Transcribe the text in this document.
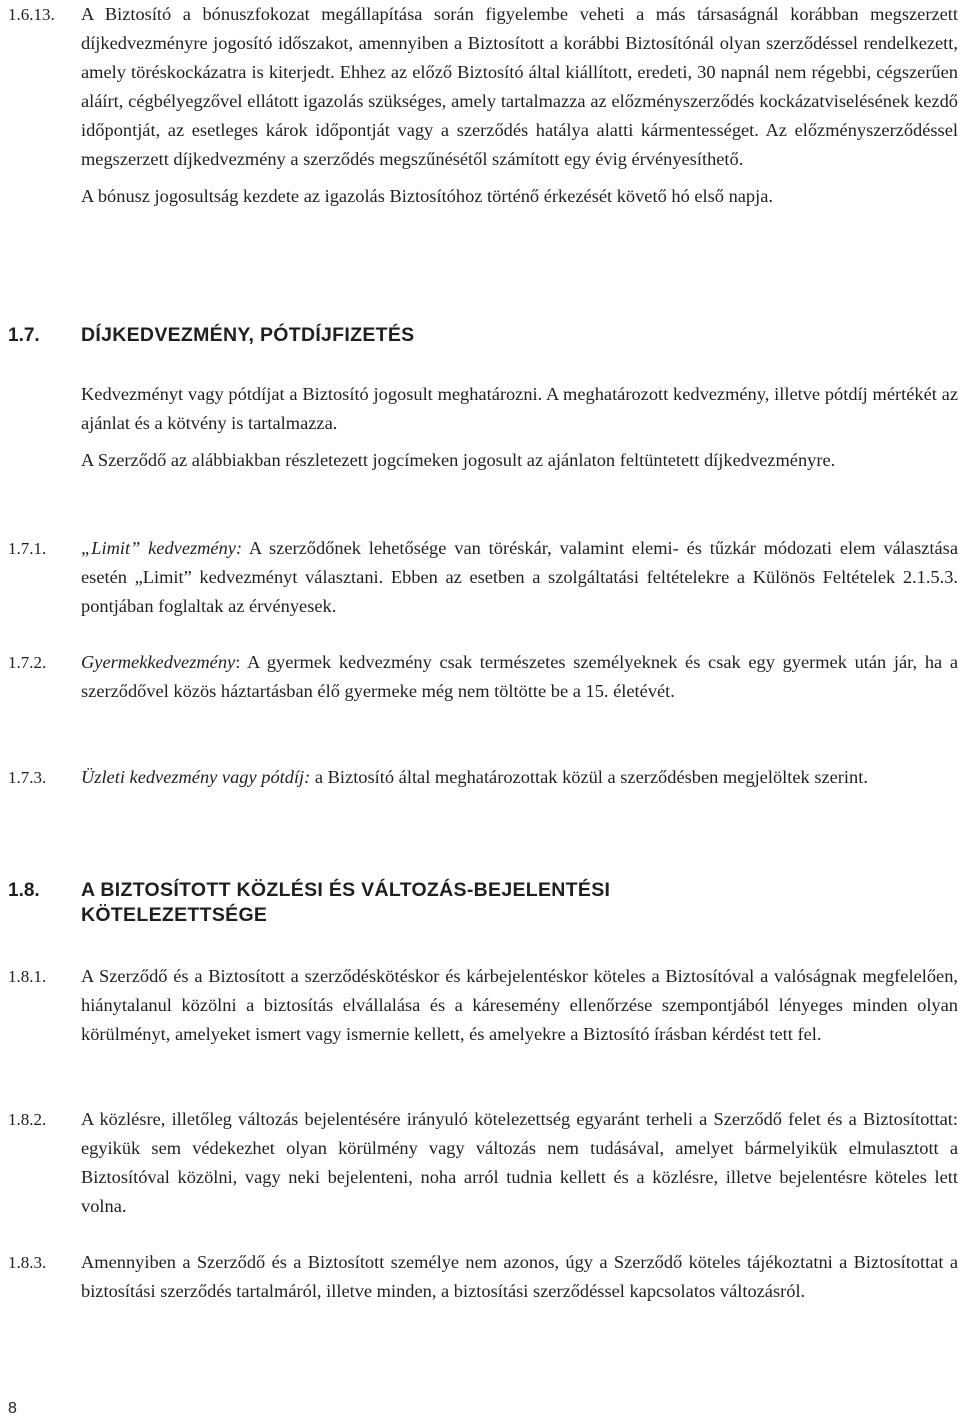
1.6.13. A Biztosító a bónuszfokozat megállapítása során figyelembe veheti a más társaságnál korábban megszerzett díjkedvezményre jogosító időszakot, amennyiben a Biztosított a korábbi Biztosítónál olyan szerződéssel rendelkezett, amely töréskockázatra is kiterjedt. Ehhez az előző Biztosító által kiállított, eredeti, 30 napnál nem régebbi, cégszerűen aláírt, cégbélyegzővel ellátott igazolás szükséges, amely tartalmazza az előzményszerződés kockázatviselésének kezdő időpontját, az esetleges károk időpontját vagy a szerződés hatálya alatti kármentességet. Az előzményszerződéssel megszerzett díjkedvezmény a szerződés megszűnésétől számított egy évig érvényesíthető.

A bónusz jogosultság kezdete az igazolás Biztosítóhoz történő érkezését követő hó első napja.

1.7. DÍJKEDVEZMÉNY, PÓTDÍJFIZETÉS

Kedvezményt vagy pótdíjat a Biztosító jogosult meghatározni. A meghatározott kedvezmény, illetve pótdíj mértékét az ajánlat és a kötvény is tartalmazza.

A Szerződő az alábbiakban részletezett jogcímeken jogosult az ajánlaton feltüntetett díjkedvezményre.

1.7.1. „Limit” kedvezmény: A szerződőnek lehetősége van töréskár, valamint elemi- és tűzkár módozati elem választása esetén „Limit” kedvezményt választani. Ebben az esetben a szolgáltatási feltételekre a Különös Feltételek 2.1.5.3. pontjában foglaltak az érvényesek.

1.7.2. Gyermekkedvezmény: A gyermek kedvezmény csak természetes személyeknek és csak egy gyermek után jár, ha a szerződővel közös háztartásban élő gyermeke még nem töltötte be a 15. életévét.

1.7.3. Üzleti kedvezmény vagy pótdíj: a Biztosító által meghatározottak közül a szerződésben megjelöltek szerint.

1.8. A BIZTOSÍTOTT KÖZLÉSI ÉS VÁLTOZÁS-BEJELENTÉSI
KÖTELEZETTSÉGE
1.8.1. A Szerződő és a Biztosított a szerződéskötéskor és kárbejelentéskor köteles a Biztosítóval a valóságnak megfelelően, hiánytalanul közölni a biztosítás elvállalása és a káresemény ellenőrzése szempontjából lényeges minden olyan körülményt, amelyeket ismert vagy ismernie kellett, és amelyekre a Biztosító írásban kérdést tett fel.

1.8.2. A közlésre, illetőleg változás bejelentésére irányuló kötelezettség egyaránt terheli a Szerződő felet és a Biztosítottat: egyikük sem védekezhet olyan körülmény vagy változás nem tudásával, amelyet bármelyikük elmulasztott a Biztosítóval közölni, vagy neki bejelenteni, noha arról tudnia kellett és a közlésre, illetve bejelentésre köteles lett volna.

1.8.3. Amennyiben a Szerződő és a Biztosított személye nem azonos, úgy a Szerződő köteles tájékoztatni a Biztosítottat a biztosítási szerződés tartalmáról, illetve minden, a biztosítási szerződéssel kapcsolatos változásról.

8
